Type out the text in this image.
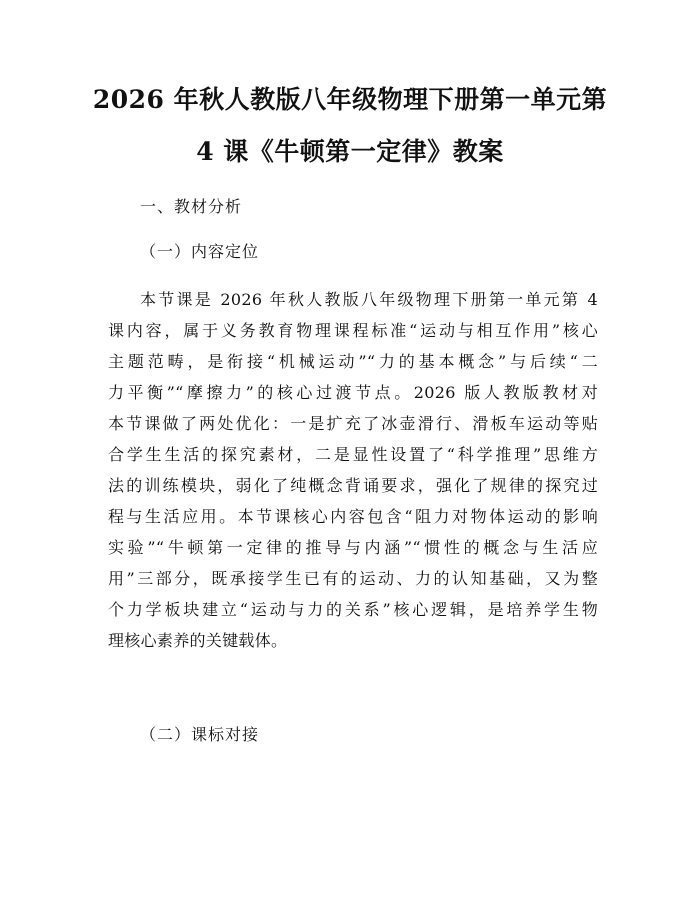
2026 年秋人教版八年级物理下册第一单元第
4 课《牛顿第一定律》教案
一、教材分析
（一）内容定位
本节课是 2026 年秋人教版八年级物理下册第一单元第 4
课内容，属于义务教育物理课程标准“运动与相互作用”核心
主题范畴，是衔接“机械运动”“力的基本概念”与后续“二
力平衡”“摩擦力”的核心过渡节点。2026 版人教版教材对
本节课做了两处优化：一是扩充了冰壶滑行、滑板车运动等贴
合学生生活的探究素材，二是显性设置了“科学推理”思维方
法的训练模块，弱化了纯概念背诵要求，强化了规律的探究过
程与生活应用。本节课核心内容包含“阻力对物体运动的影响
实验”“牛顿第一定律的推导与内涵”“惯性的概念与生活应
用”三部分，既承接学生已有的运动、力的认知基础，又为整
个力学板块建立“运动与力的关系”核心逻辑，是培养学生物
理核心素养的关键载体。
（二）课标对接
